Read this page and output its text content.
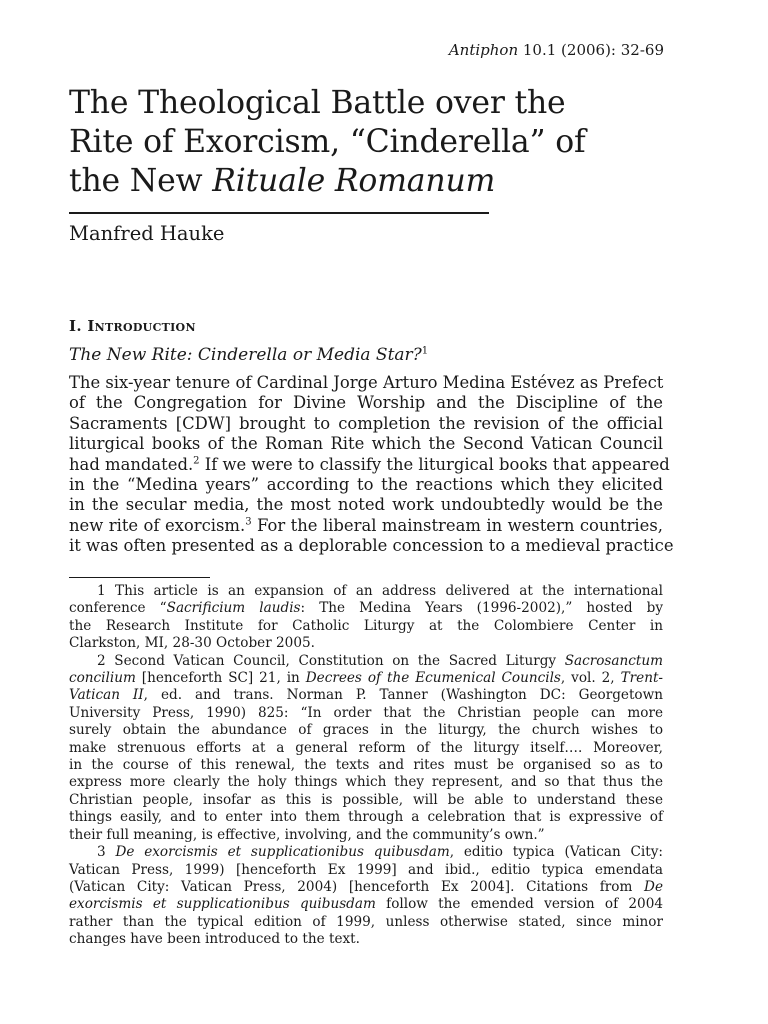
Antiphon 10.1 (2006): 32-69
The Theological Battle over the
Rite of Exorcism, “Cinderella” of
the New Rituale Romanum
Manfred Hauke
I. Introduction
The New Rite: Cinderella or Media Star?$^1$
The six-year tenure of Cardinal Jorge Arturo Medina Estévez as Prefect
of the Congregation for Divine Worship and the Discipline of the
Sacraments [CDW] brought to completion the revision of the official
liturgical books of the Roman Rite which the Second Vatican Council
had mandated.$^2$ If we were to classify the liturgical books that appeared
in the “Medina years” according to the reactions which they elicited
in the secular media, the most noted work undoubtedly would be the
new rite of exorcism.$^3$ For the liberal mainstream in western countries,
it was often presented as a deplorable concession to a medieval practice
1 This article is an expansion of an address delivered at the international
conference “Sacrificium laudis: The Medina Years (1996-2002),” hosted by
the Research Institute for Catholic Liturgy at the Colombiere Center in
Clarkston, MI, 28-30 October 2005.
2 Second Vatican Council, Constitution on the Sacred Liturgy Sacrosanctum
concilium [henceforth SC] 21, in Decrees of the Ecumenical Councils, vol. 2, Trent-
Vatican II, ed. and trans. Norman P. Tanner (Washington DC: Georgetown
University Press, 1990) 825: “In order that the Christian people can more
surely obtain the abundance of graces in the liturgy, the church wishes to
make strenuous efforts at a general reform of the liturgy itself…. Moreover,
in the course of this renewal, the texts and rites must be organised so as to
express more clearly the holy things which they represent, and so that thus the
Christian people, insofar as this is possible, will be able to understand these
things easily, and to enter into them through a celebration that is expressive of
their full meaning, is effective, involving, and the community’s own.”
3 De exorcismis et supplicationibus quibusdam, editio typica (Vatican City:
Vatican Press, 1999) [henceforth Ex 1999] and ibid., editio typica emendata
(Vatican City: Vatican Press, 2004) [henceforth Ex 2004]. Citations from De
exorcismis et supplicationibus quibusdam follow the emended version of 2004
rather than the typical edition of 1999, unless otherwise stated, since minor
changes have been introduced to the text.
